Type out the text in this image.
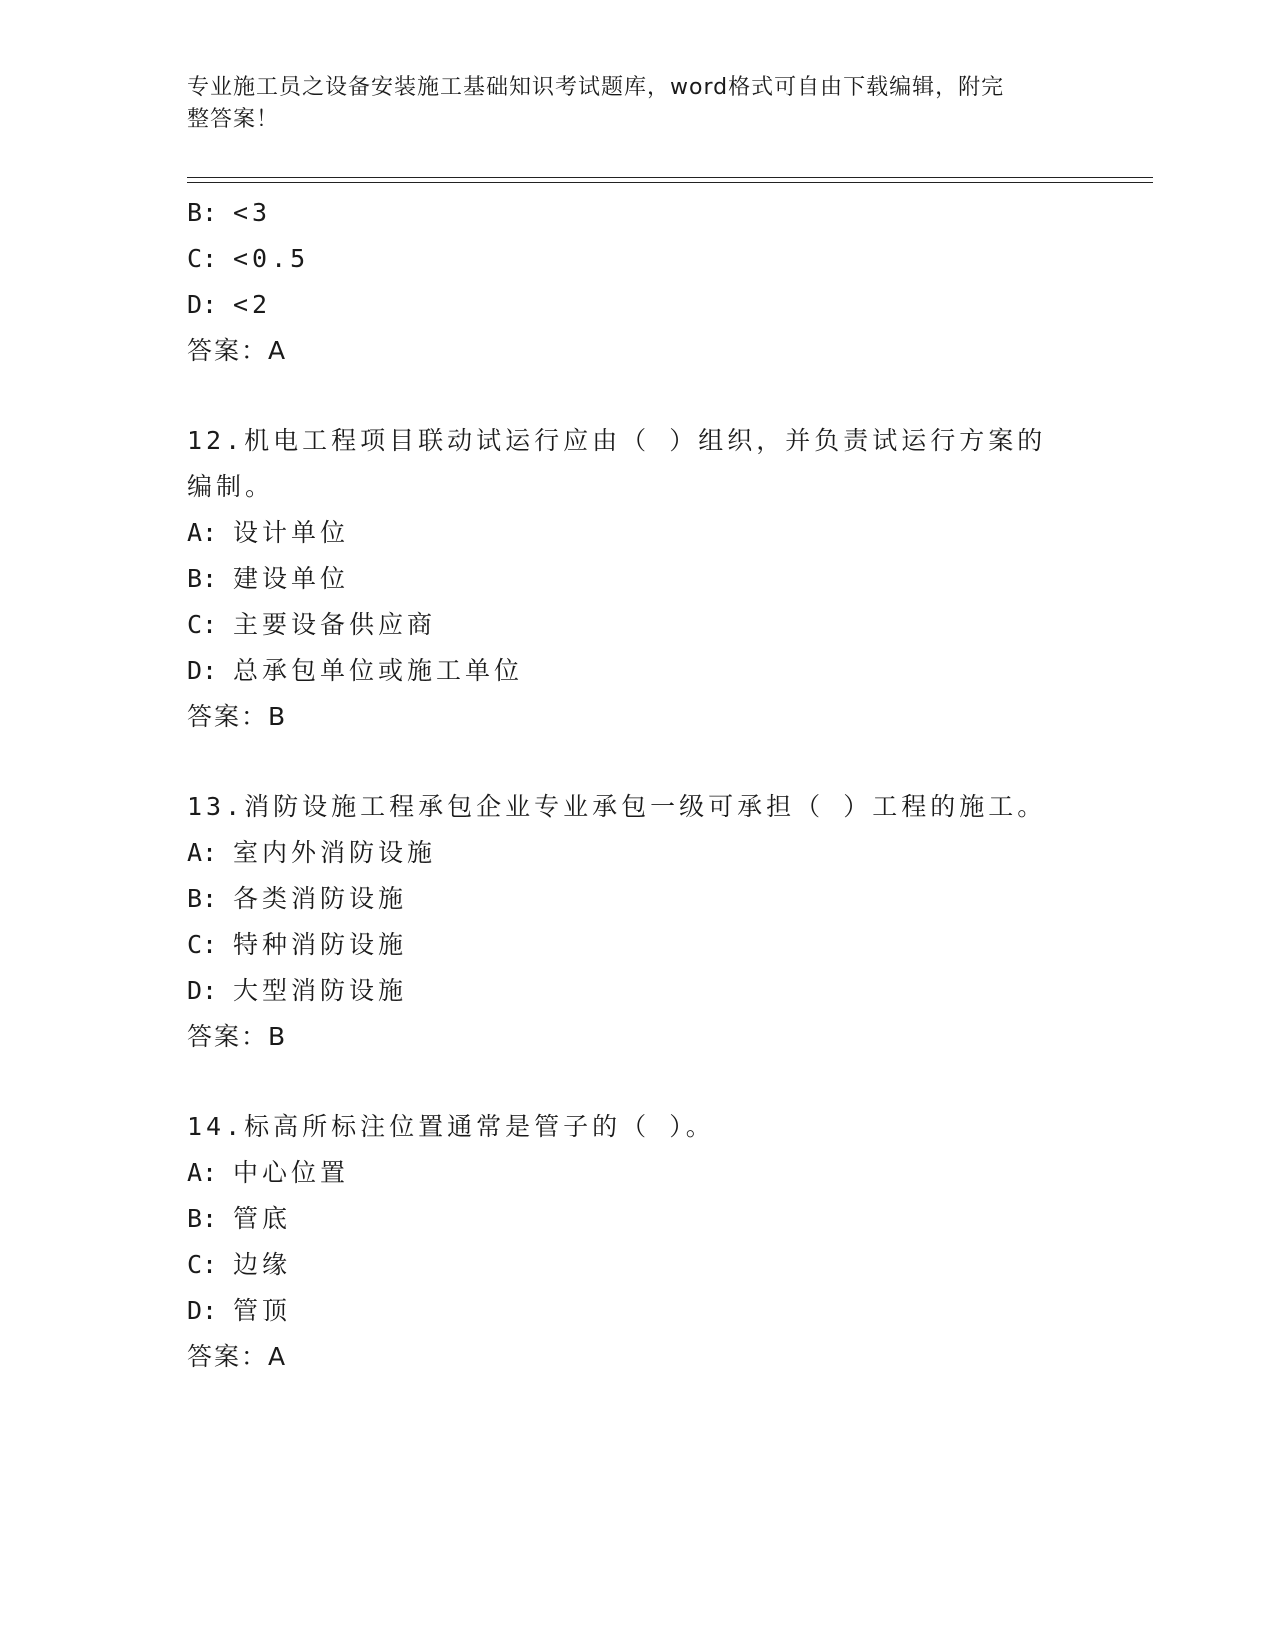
专业施工员之设备安装施工基础知识考试题库，word格式可自由下载编辑，附完
整答案！
B: <3
C: <0.5
D: <2
答案：A
12.机电工程项目联动试运行应由（ ）组织，并负责试运行方案的编制。
A: 设计单位
B: 建设单位
C: 主要设备供应商
D: 总承包单位或施工单位
答案：B
13.消防设施工程承包企业专业承包一级可承担（ ）工程的施工。
A: 室内外消防设施
B: 各类消防设施
C: 特种消防设施
D: 大型消防设施
答案：B
14.标高所标注位置通常是管子的（ ）。
A: 中心位置
B: 管底
C: 边缘
D: 管顶
答案：A
